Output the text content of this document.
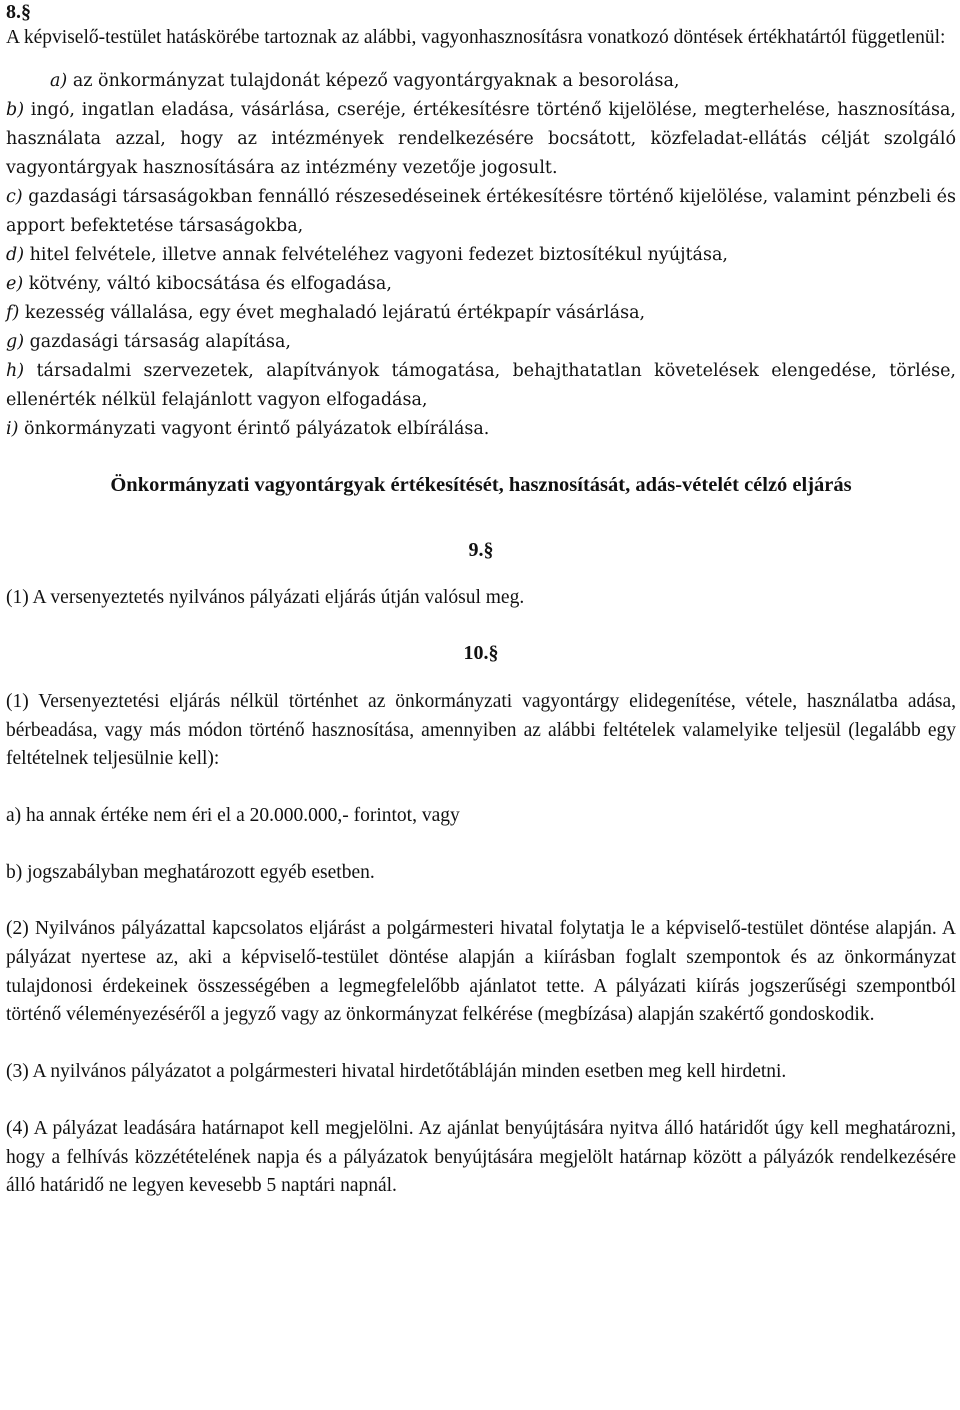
8.§

A képviselő-testület hatáskörébe tartoznak az alábbi, vagyonhasznosításra vonatkozó döntések értékhatártól függetlenül:

a) az önkormányzat tulajdonát képező vagyontárgyaknak a besorolása,

b) ingó, ingatlan eladása, vásárlása, cseréje, értékesítésre történő kijelölése, megterhelése, hasznosítása, használata azzal, hogy az intézmények rendelkezésére bocsátott, közfeladat-ellátás célját szolgáló vagyontárgyak hasznosítására az intézmény vezetője jogosult.

c) gazdasági társaságokban fennálló részesedéseinek értékesítésre történő kijelölése, valamint pénzbeli és apport befektetése társaságokba,

d) hitel felvétele, illetve annak felvételéhez vagyoni fedezet biztosítékul nyújtása,

e) kötvény, váltó kibocsátása és elfogadása,

f) kezesség vállalása, egy évet meghaladó lejáratú értékpapír vásárlása,

g) gazdasági társaság alapítása,

h) társadalmi szervezetek, alapítványok támogatása, behajthatatlan követelések elengedése, törlése, ellenérték nélkül felajánlott vagyon elfogadása,

i) önkormányzati vagyont érintő pályázatok elbírálása.

Önkormányzati vagyontárgyak értékesítését, hasznosítását, adás-vételét célzó eljárás

9.§

(1) A versenyeztetés nyilvános pályázati eljárás útján valósul meg.

10.§

(1) Versenyeztetési eljárás nélkül történhet az önkormányzati vagyontárgy elidegenítése, vétele, használatba adása, bérbeadása, vagy más módon történő hasznosítása, amennyiben az alábbi feltételek valamelyike teljesül (legalább egy feltételnek teljesülnie kell):

a) ha annak értéke nem éri el a 20.000.000,- forintot, vagy

b) jogszabályban meghatározott egyéb esetben.

(2) Nyilvános pályázattal kapcsolatos eljárást a polgármesteri hivatal folytatja le a képviselő-testület döntése alapján. A pályázat nyertese az, aki a képviselő-testület döntése alapján a kiírásban foglalt szempontok és az önkormányzat tulajdonosi érdekeinek összességében a legmegfelelőbb ajánlatot tette. A pályázati kiírás jogszerűségi szempontból történő véleményezéséről a jegyző vagy az önkormányzat felkérése (megbízása) alapján szakértő gondoskodik.

(3) A nyilvános pályázatot a polgármesteri hivatal hirdetőtábláján minden esetben meg kell hirdetni.

(4) A pályázat leadására határnapot kell megjelölni. Az ajánlat benyújtására nyitva álló határidőt úgy kell meghatározni, hogy a felhívás közzétételének napja és a pályázatok benyújtására megjelölt határnap között a pályázók rendelkezésére álló határidő ne legyen kevesebb 5 naptári napnál.
